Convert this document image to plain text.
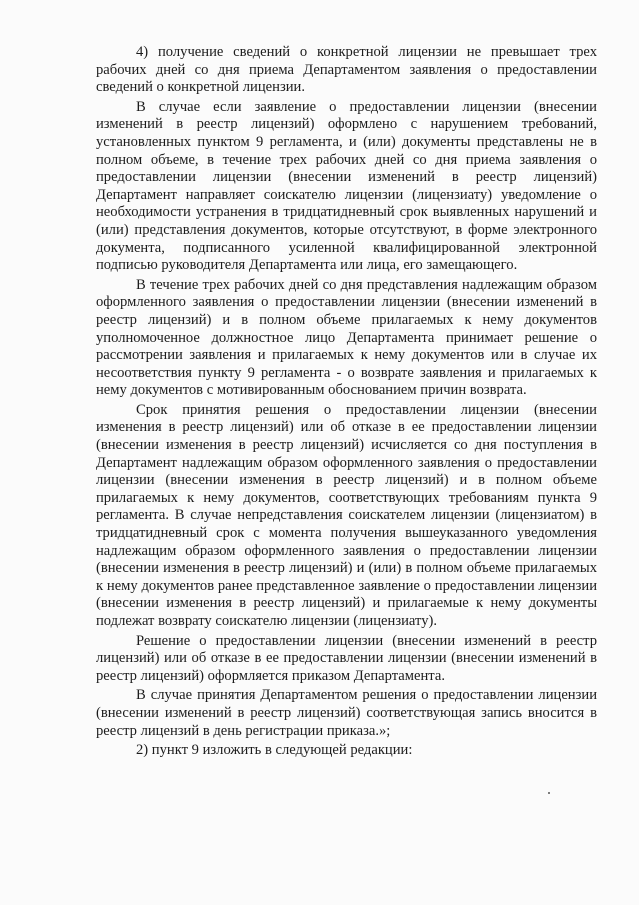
4) получение сведений о конкретной лицензии не превышает трех рабочих дней со дня приема Департаментом заявления о предоставлении сведений о конкретной лицензии.

В случае если заявление о предоставлении лицензии (внесении изменений в реестр лицензий) оформлено с нарушением требований, установленных пунктом 9 регламента, и (или) документы представлены не в полном объеме, в течение трех рабочих дней со дня приема заявления о предоставлении лицензии (внесении изменений в реестр лицензий) Департамент направляет соискателю лицензии (лицензиату) уведомление о необходимости устранения в тридцатидневный срок выявленных нарушений и (или) представления документов, которые отсутствуют, в форме электронного документа, подписанного усиленной квалифицированной электронной подписью руководителя Департамента или лица, его замещающего.

В течение трех рабочих дней со дня представления надлежащим образом оформленного заявления о предоставлении лицензии (внесении изменений в реестр лицензий) и в полном объеме прилагаемых к нему документов уполномоченное должностное лицо Департамента принимает решение о рассмотрении заявления и прилагаемых к нему документов или в случае их несоответствия пункту 9 регламента - о возврате заявления и прилагаемых к нему документов с мотивированным обоснованием причин возврата.

Срок принятия решения о предоставлении лицензии (внесении изменения в реестр лицензий) или об отказе в ее предоставлении лицензии (внесении изменения в реестр лицензий) исчисляется со дня поступления в Департамент надлежащим образом оформленного заявления о предоставлении лицензии (внесении изменения в реестр лицензий) и в полном объеме прилагаемых к нему документов, соответствующих требованиям пункта 9 регламента. В случае непредставления соискателем лицензии (лицензиатом) в тридцатидневный срок с момента получения вышеуказанного уведомления надлежащим образом оформленного заявления о предоставлении лицензии (внесении изменения в реестр лицензий) и (или) в полном объеме прилагаемых к нему документов ранее представленное заявление о предоставлении лицензии (внесении изменения в реестр лицензий) и прилагаемые к нему документы подлежат возврату соискателю лицензии (лицензиату).

Решение о предоставлении лицензии (внесении изменений в реестр лицензий) или об отказе в ее предоставлении лицензии (внесении изменений в реестр лицензий) оформляется приказом Департамента.

В случае принятия Департаментом решения о предоставлении лицензии (внесении изменений в реестр лицензий) соответствующая запись вносится в реестр лицензий в день регистрации приказа.»;

2) пункт 9 изложить в следующей редакции:
